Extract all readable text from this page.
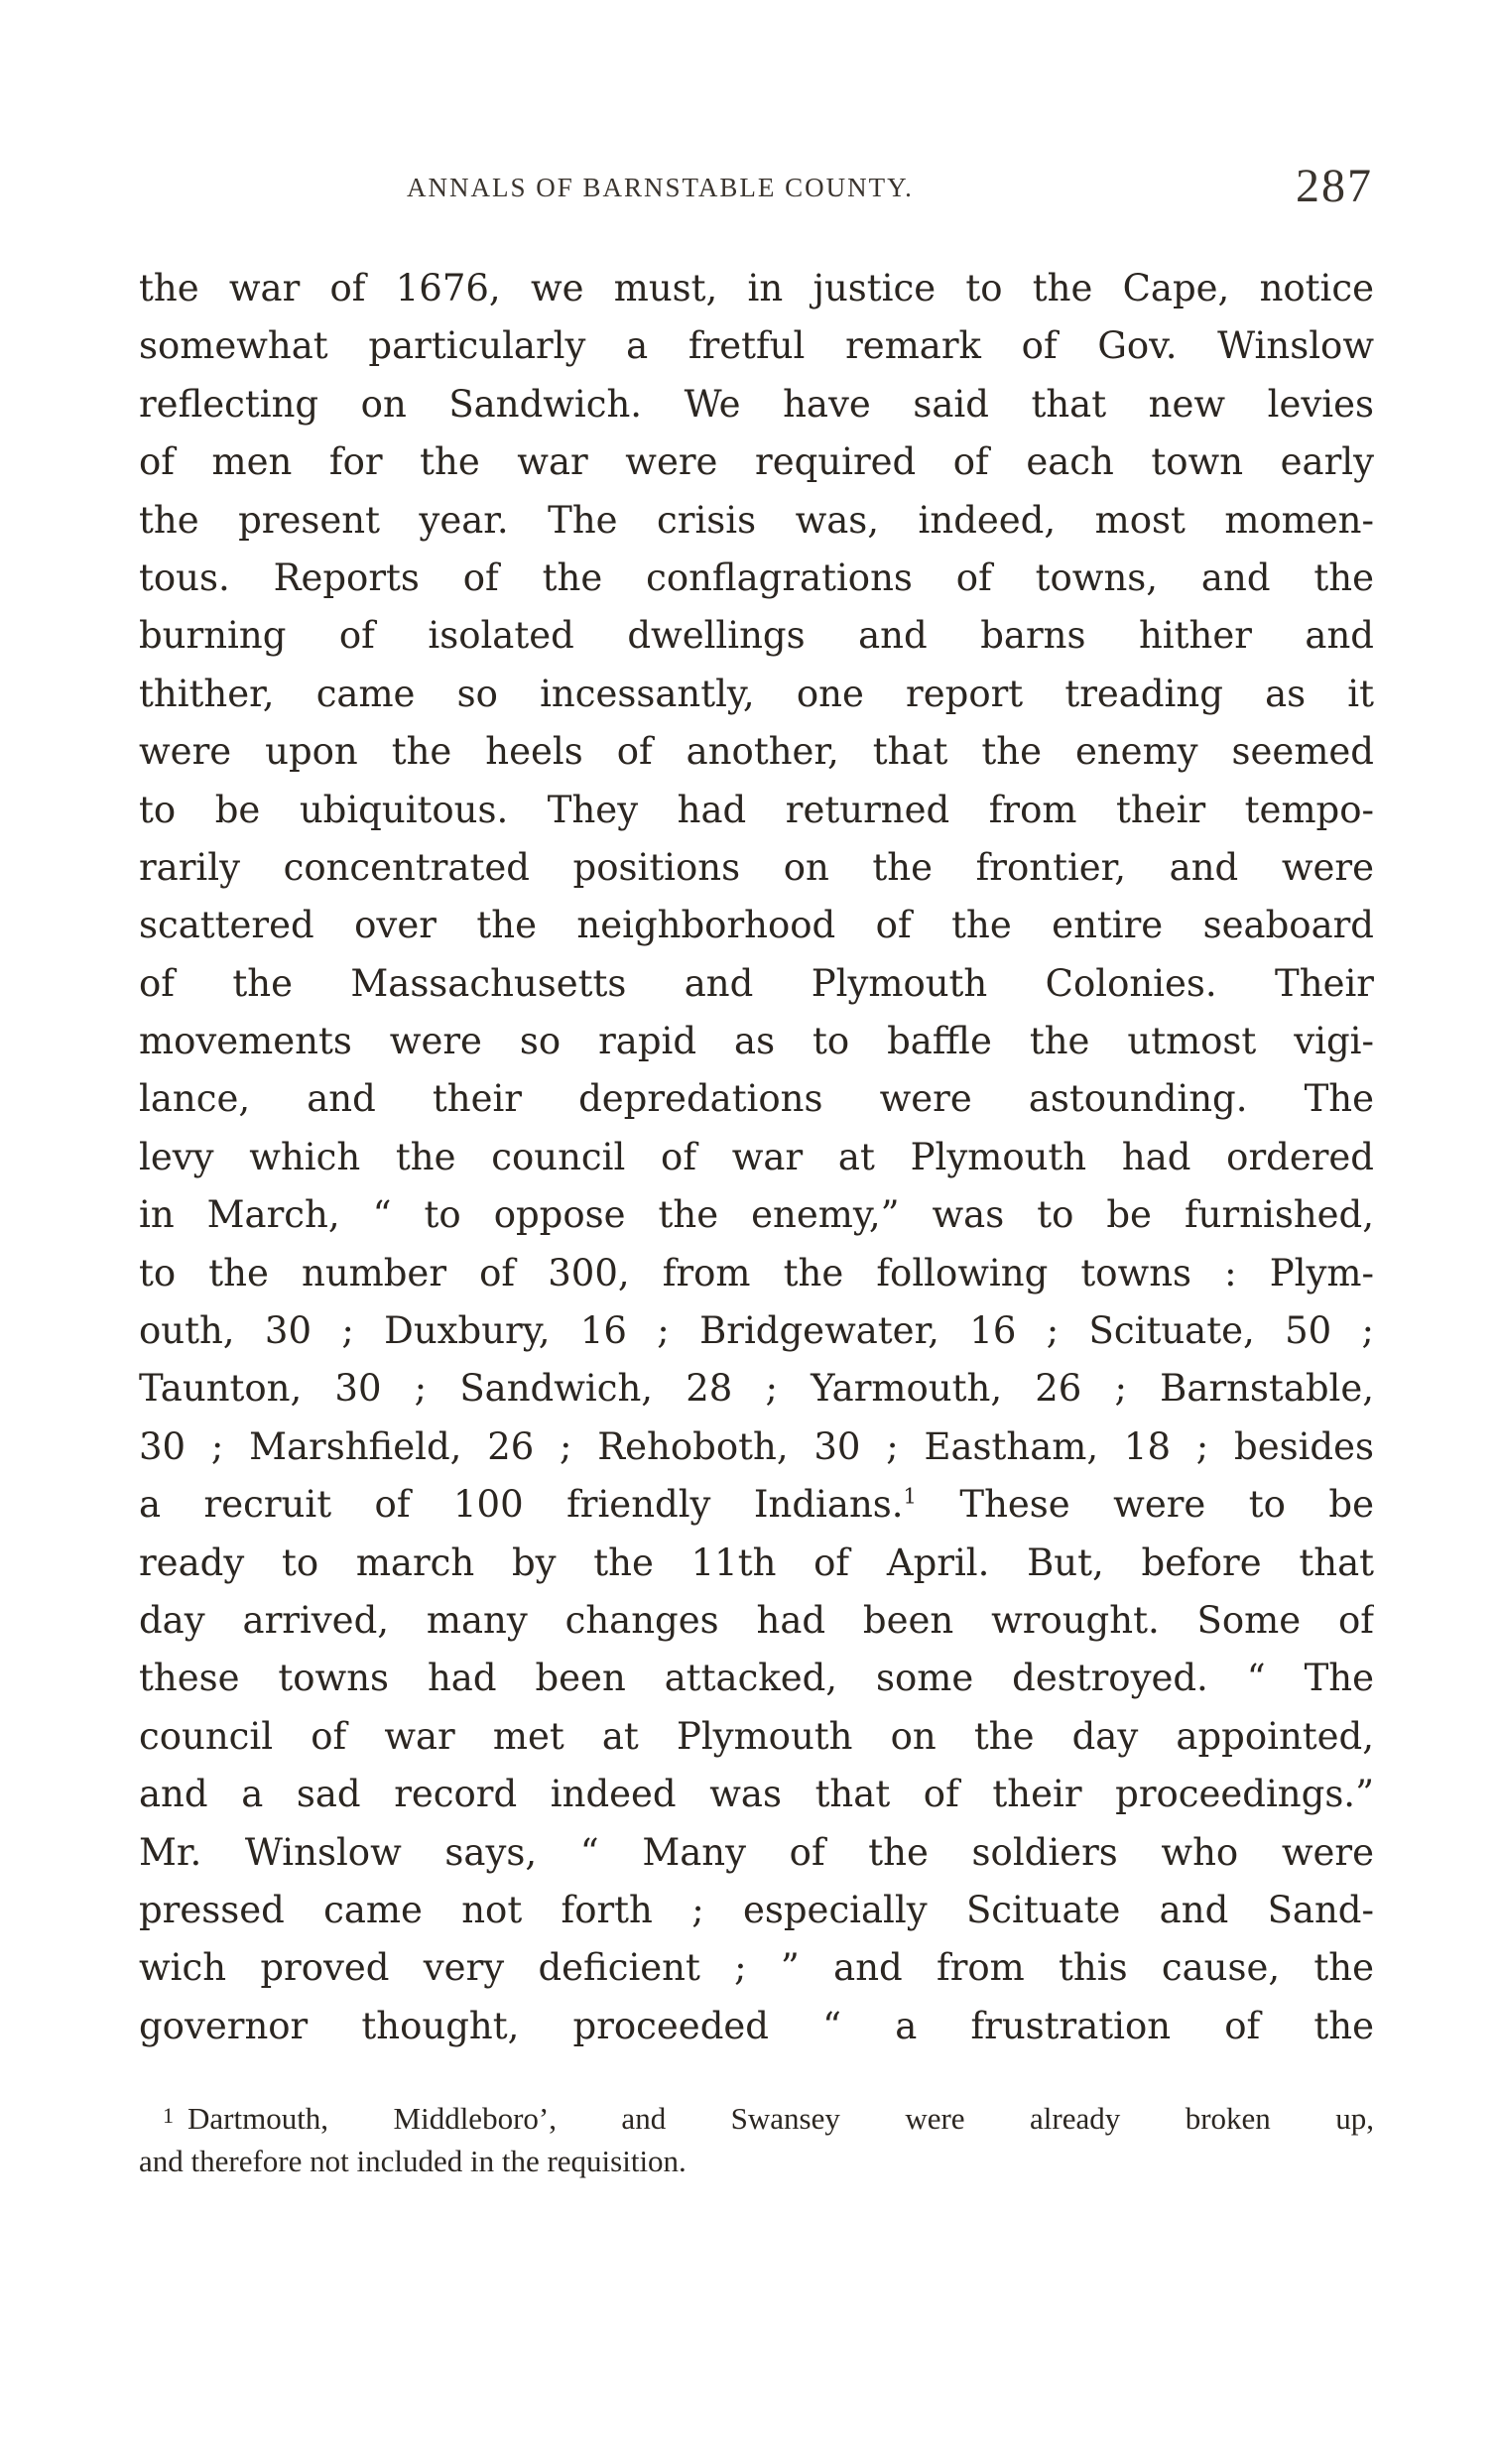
ANNALS OF BARNSTABLE COUNTY.	287
the war of 1676, we must, in justice to the Cape, notice
somewhat particularly a fretful remark of Gov. Winslow
reflecting on Sandwich. We have said that new levies
of men for the war were required of each town early
the present year. The crisis was, indeed, most momen-
tous. Reports of the conflagrations of towns, and the
burning of isolated dwellings and barns hither and
thither, came so incessantly, one report treading as it
were upon the heels of another, that the enemy seemed
to be ubiquitous. They had returned from their tempo-
rarily concentrated positions on the frontier, and were
scattered over the neighborhood of the entire seaboard
of the Massachusetts and Plymouth Colonies. Their
movements were so rapid as to baffle the utmost vigi-
lance, and their depredations were astounding. The
levy which the council of war at Plymouth had ordered
in March, “ to oppose the enemy,” was to be furnished,
to the number of 300, from the following towns : Plym-
outh, 30 ; Duxbury, 16 ; Bridgewater, 16 ; Scituate, 50 ;
Taunton, 30 ; Sandwich, 28 ; Yarmouth, 26 ; Barnstable,
30 ; Marshfield, 26 ; Rehoboth, 30 ; Eastham, 18 ; besides
a recruit of 100 friendly Indians.$^1$ These were to be
ready to march by the 11th of April. But, before that
day arrived, many changes had been wrought. Some of
these towns had been attacked, some destroyed. “ The
council of war met at Plymouth on the day appointed,
and a sad record indeed was that of their proceedings.”
Mr. Winslow says, “ Many of the soldiers who were
pressed came not forth ; especially Scituate and Sand-
wich proved very deficient ; ” and from this cause, the
governor thought, proceeded “ a frustration of the
1 Dartmouth, Middleboro’, and Swansey were already broken up,
and therefore not included in the requisition.
